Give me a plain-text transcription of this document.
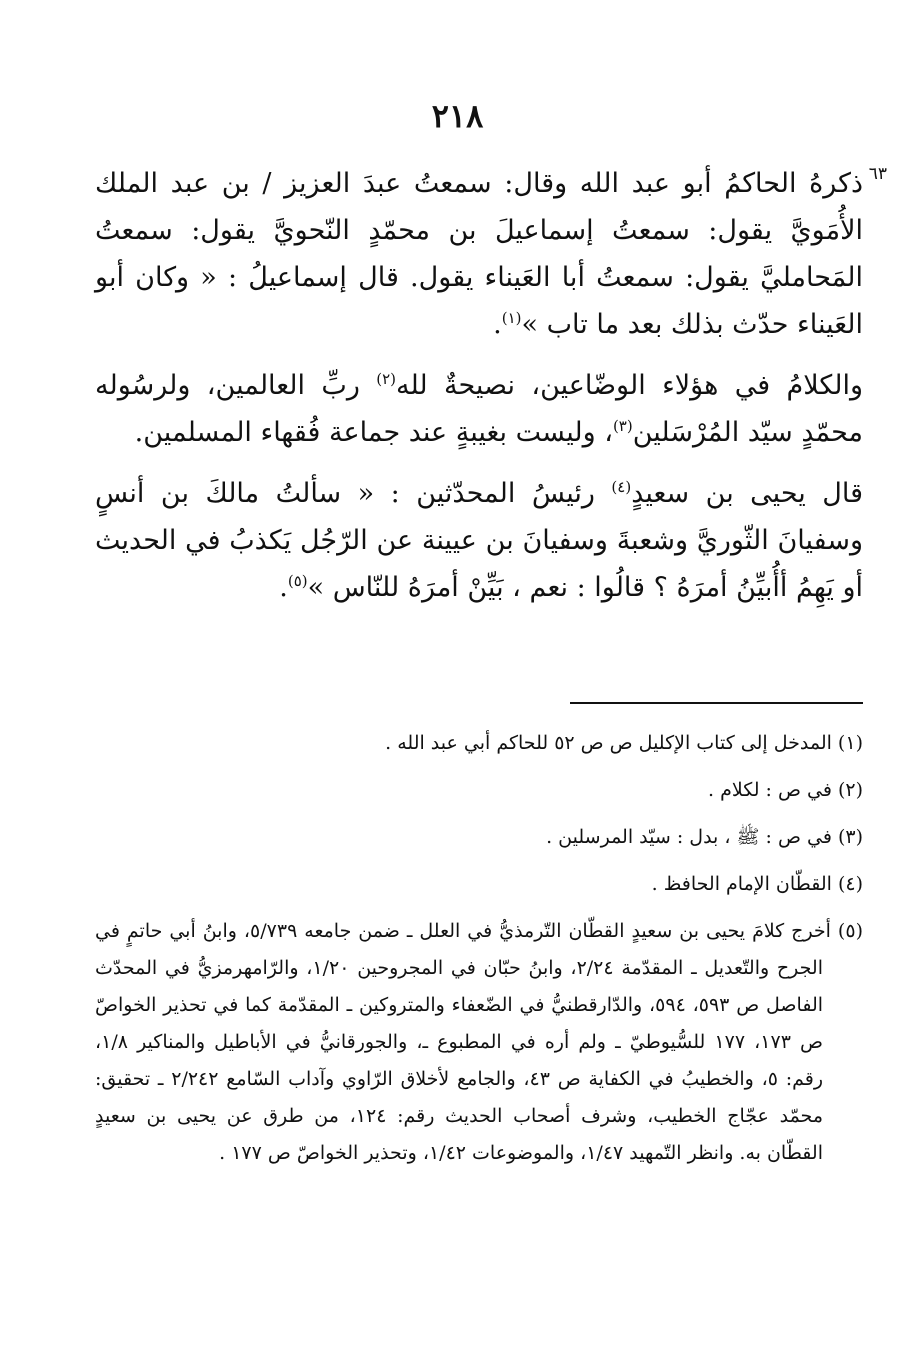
٢١٨

٦٣

ذكرهُ الحاكمُ أبو عبد الله وقال: سمعتُ عبدَ العزيز / بن عبد الملك الأُمَويَّ يقول: سمعتُ إسماعيلَ بن محمّدٍ النّحويَّ يقول: سمعتُ المَحامليَّ يقول: سمعتُ أبا العَيناء يقول. قال إسماعيلُ : « وكان أبو العَيناء حدّث بذلك بعد ما تاب »$^{(١)}$.

والكلامُ في هؤلاء الوضّاعين، نصيحةٌ لله$^{(٢)}$ ربِّ العالمين، ولرسُوله محمّدٍ سيّد المُرْسَلين$^{(٣)}$، وليست بغيبةٍ عند جماعة فُقهاء المسلمين.

قال يحيى بن سعيدٍ$^{(٤)}$ رئيسُ المحدّثين : « سألتُ مالكَ بن أنسٍ وسفيانَ الثّوريَّ وشعبةَ وسفيانَ بن عيينة عن الرّجُل يَكذبُ في الحديث أو يَهِمُ أأُبيِّنُ أمرَهُ ؟ قالُوا : نعم ، بَيِّنْ أمرَهُ للنّاس »$^{(٥)}$.

(١) المدخل إلى كتاب الإكليل ص ص ٥٢ للحاكم أبي عبد الله .

(٢) في ص : لكلام .

(٣) في ص : ﷺ ، بدل : سيّد المرسلين .

(٤) القطّان الإمام الحافظ .

(٥) أخرج كلامَ يحيى بن سعيدٍ القطّان التّرمذيُّ في العلل ـ ضمن جامعه ٥/٧٣٩، وابنُ أبي حاتمٍ في الجرح والتّعديل ـ المقدّمة ٢/٢٤، وابنُ حبّان في المجروحين ١/٢٠، والرّامهرمزيُّ في المحدّث الفاصل ص ٥٩٣، ٥٩٤، والدّارقطنيُّ في الضّعفاء والمتروكين ـ المقدّمة كما في تحذير الخواصّ ص ١٧٣، ١٧٧ للسُّيوطيّ ـ ولم أره في المطبوع ـ، والجورقانيُّ في الأباطيل والمناكير ١/٨، رقم: ٥، والخطيبُ في الكفاية ص ٤٣، والجامع لأخلاق الرّاوي وآداب السّامع ٢/٢٤٢ ـ تحقيق: محمّد عجّاج الخطيب، وشرف أصحاب الحديث رقم: ١٢٤، من طرق عن يحيى بن سعيدٍ القطّان به. وانظر التّمهيد ١/٤٧، والموضوعات ١/٤٢، وتحذير الخواصّ ص ١٧٧ .
